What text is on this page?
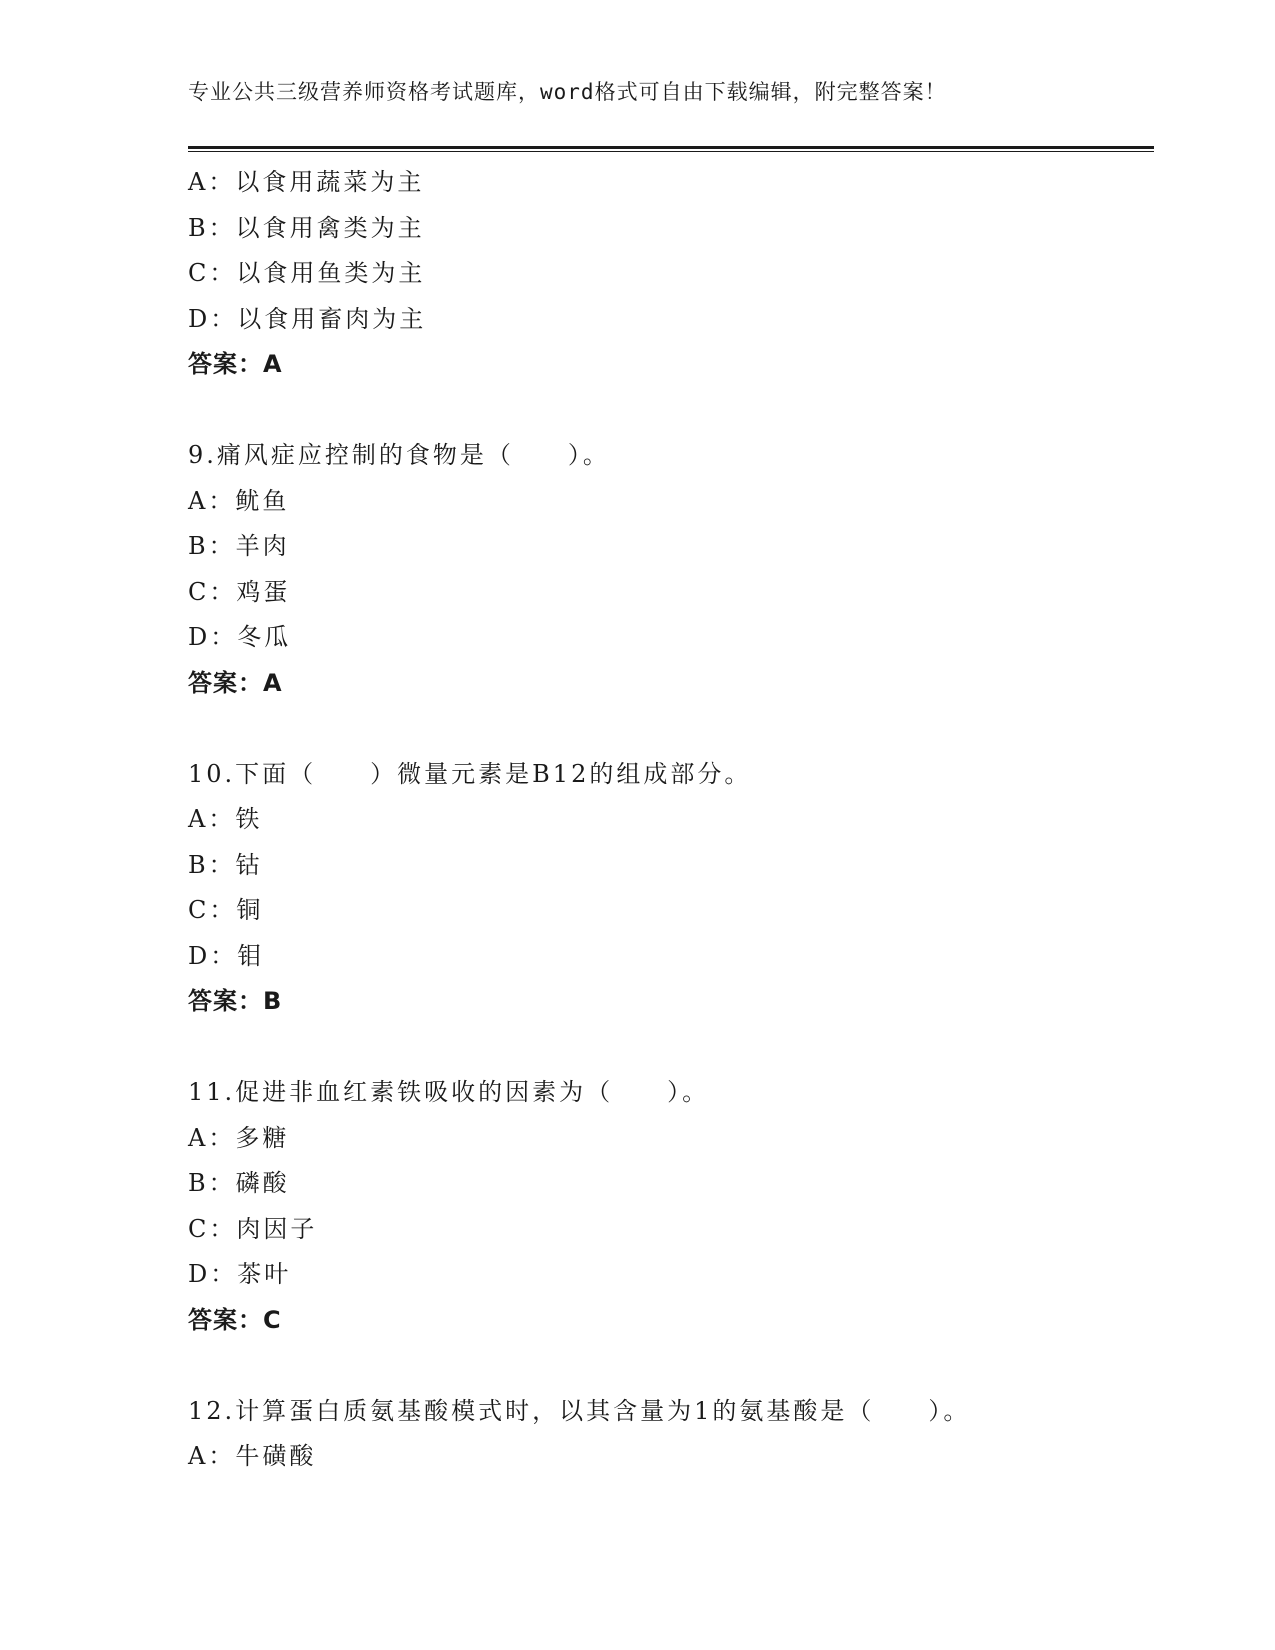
专业公共三级营养师资格考试题库，word格式可自由下载编辑，附完整答案！
A：以食用蔬菜为主
B：以食用禽类为主
C：以食用鱼类为主
D：以食用畜肉为主
答案：A
9.痛风症应控制的食物是（　　）。
A：鱿鱼
B：羊肉
C：鸡蛋
D：冬瓜
答案：A
10.下面（　　）微量元素是B12的组成部分。
A：铁
B：钴
C：铜
D：钼
答案：B
11.促进非血红素铁吸收的因素为（　　）。
A：多糖
B：磷酸
C：肉因子
D：茶叶
答案：C
12.计算蛋白质氨基酸模式时，以其含量为1的氨基酸是（　　）。
A：牛磺酸
